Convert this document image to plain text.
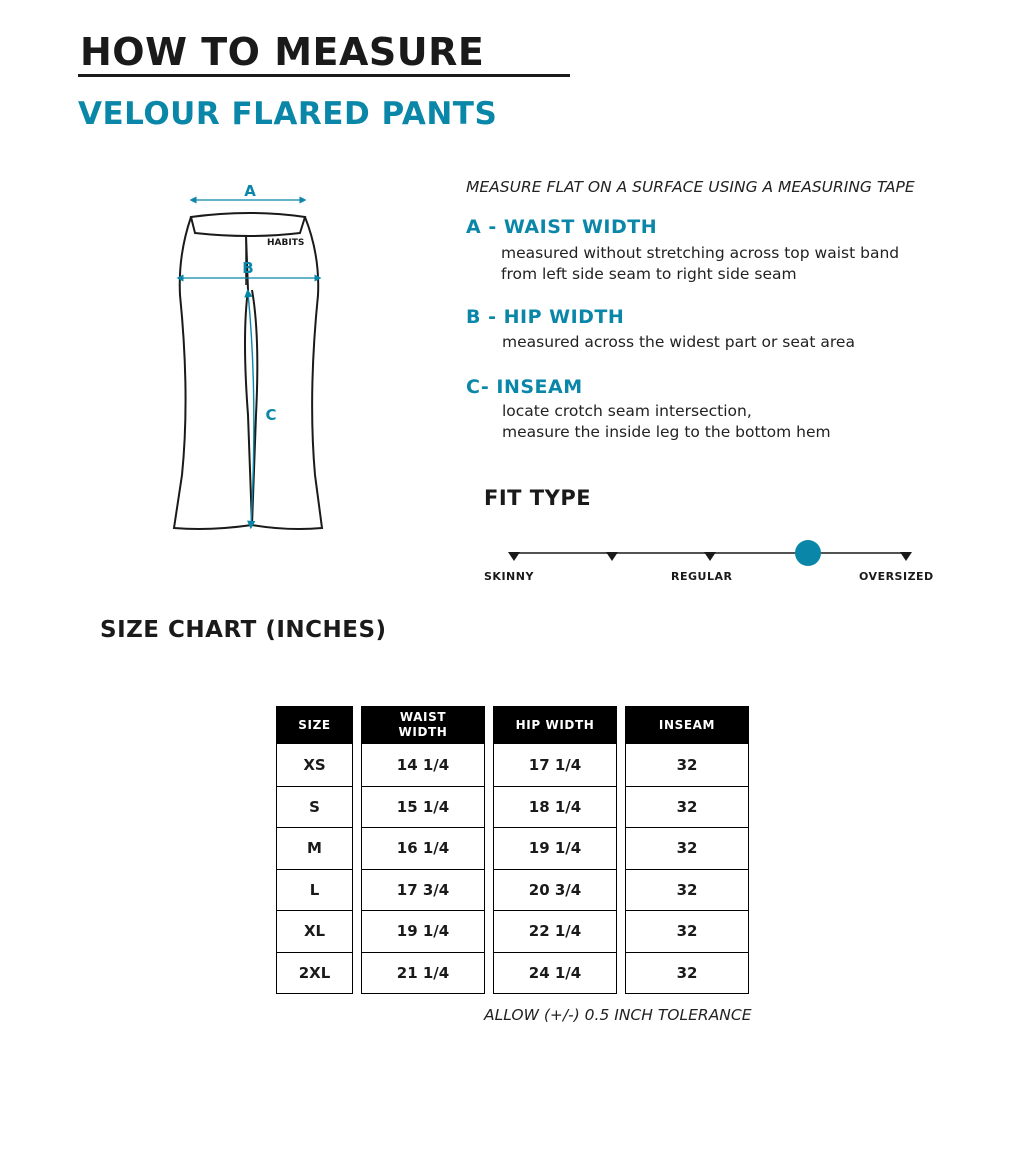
HOW TO MEASURE
VELOUR FLARED PANTS
A
B
C
HABITS
MEASURE FLAT ON A SURFACE USING A MEASURING TAPE
A - WAIST WIDTH
measured without stretching across top waist band
from left side seam to right side seam
B - HIP WIDTH
measured across the widest part or seat area
C- INSEAM
locate crotch seam intersection,
measure the inside leg to the bottom hem
FIT TYPE
SKINNY	REGULAR	OVERSIZED
SIZE CHART (INCHES)
SIZE
XS
S
M
L
XL
2XL
WAIST
WIDTH
14 1/4
15 1/4
16 1/4
17 3/4
19 1/4
21 1/4
HIP WIDTH
17 1/4
18 1/4
19 1/4
20 3/4
22 1/4
24 1/4
INSEAM
32
32
32
32
32
32
ALLOW (+/-) 0.5 INCH TOLERANCE
